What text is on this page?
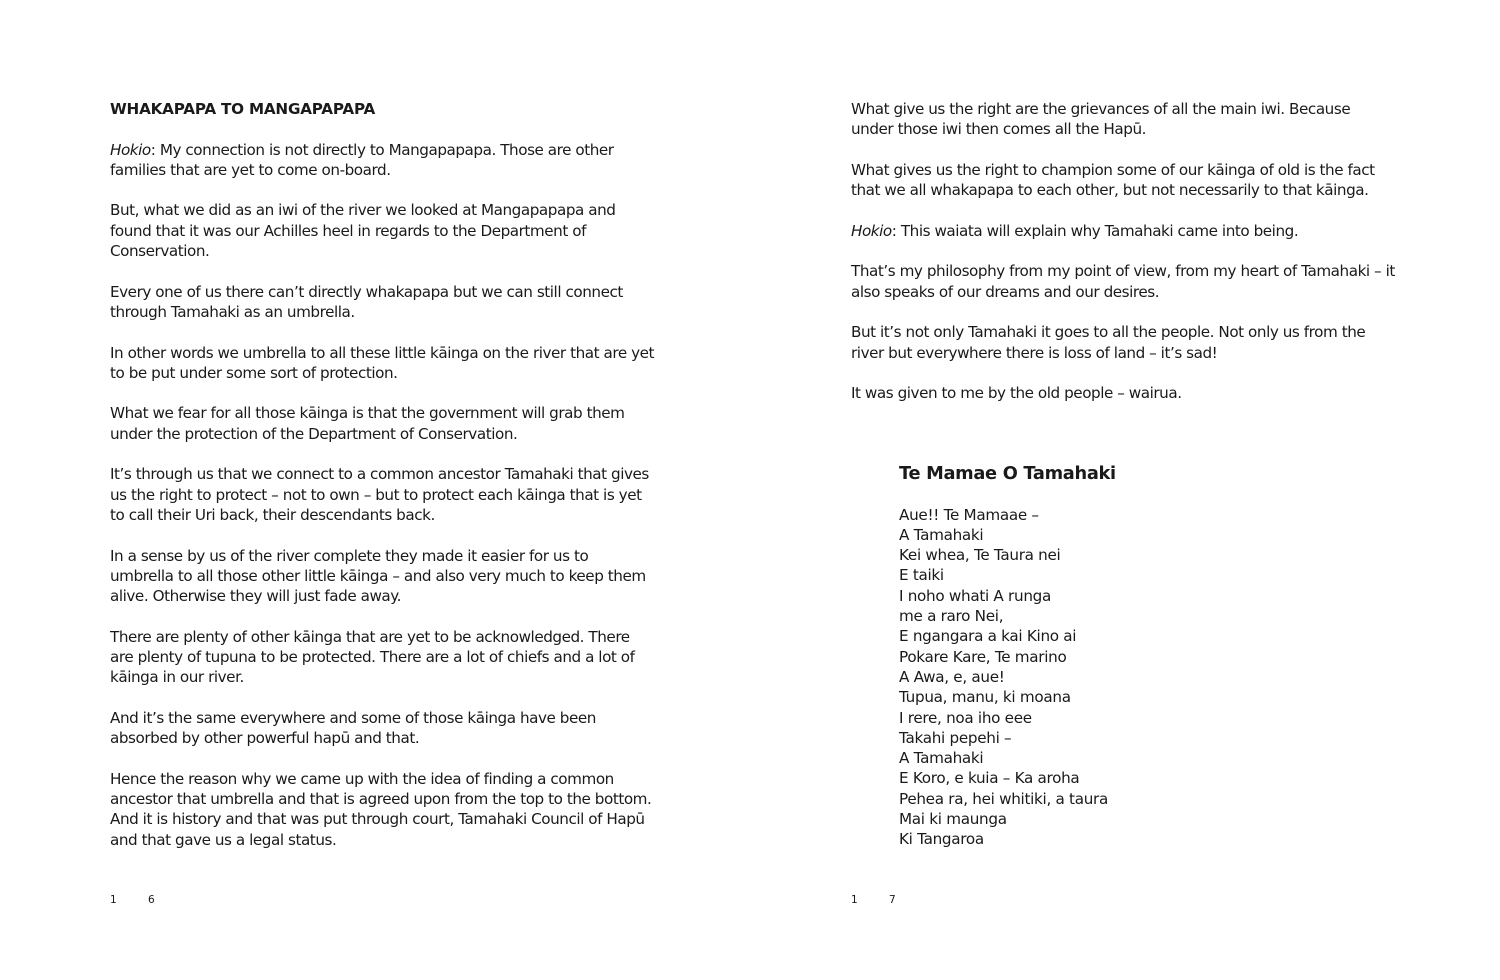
WHAKAPAPA TO MANGAPAPAPA

Hokio: My connection is not directly to Mangapapapa. Those are other families that are yet to come on-board.

But, what we did as an iwi of the river we looked at Mangapapapa and found that it was our Achilles heel in regards to the Department of Conservation.

Every one of us there can’t directly whakapapa but we can still connect through Tamahaki as an umbrella.

In other words we umbrella to all these little kāinga on the river that are yet to be put under some sort of protection.

What we fear for all those kāinga is that the government will grab them under the protection of the Department of Conservation.

It’s through us that we connect to a common ancestor Tamahaki that gives us the right to protect – not to own – but to protect each kāinga that is yet to call their Uri back, their descendants back.

In a sense by us of the river complete they made it easier for us to umbrella to all those other little kāinga – and also very much to keep them alive. Otherwise they will just fade away.

There are plenty of other kāinga that are yet to be acknowledged. There are plenty of tupuna to be protected. There are a lot of chiefs and a lot of kāinga in our river.

And it’s the same everywhere and some of those kāinga have been absorbed by other powerful hapū and that.

Hence the reason why we came up with the idea of finding a common ancestor that umbrella and that is agreed upon from the top to the bottom. And it is history and that was put through court, Tamahaki Council of Hapū and that gave us a legal status.

1	6

What give us the right are the grievances of all the main iwi. Because under those iwi then comes all the Hapū.

What gives us the right to champion some of our kāinga of old is the fact that we all whakapapa to each other, but not necessarily to that kāinga.

Hokio: This waiata will explain why Tamahaki came into being.

That’s my philosophy from my point of view, from my heart of Tamahaki – it also speaks of our dreams and our desires.

But it’s not only Tamahaki it goes to all the people. Not only us from the river but everywhere there is loss of land – it’s sad!

It was given to me by the old people – wairua.

Te Mamae O Tamahaki
Aue!! Te Mamaae –
A Tamahaki
Kei whea, Te Taura nei
E taiki
I noho whati A runga
me a raro Nei,
E ngangara a kai Kino ai
Pokare Kare, Te marino
A Awa, e, aue!
Tupua, manu, ki moana
I rere, noa iho eee
Takahi pepehi –
A Tamahaki
E Koro, e kuia – Ka aroha
Pehea ra, hei whitiki, a taura
Mai ki maunga
Ki Tangaroa
1	7
